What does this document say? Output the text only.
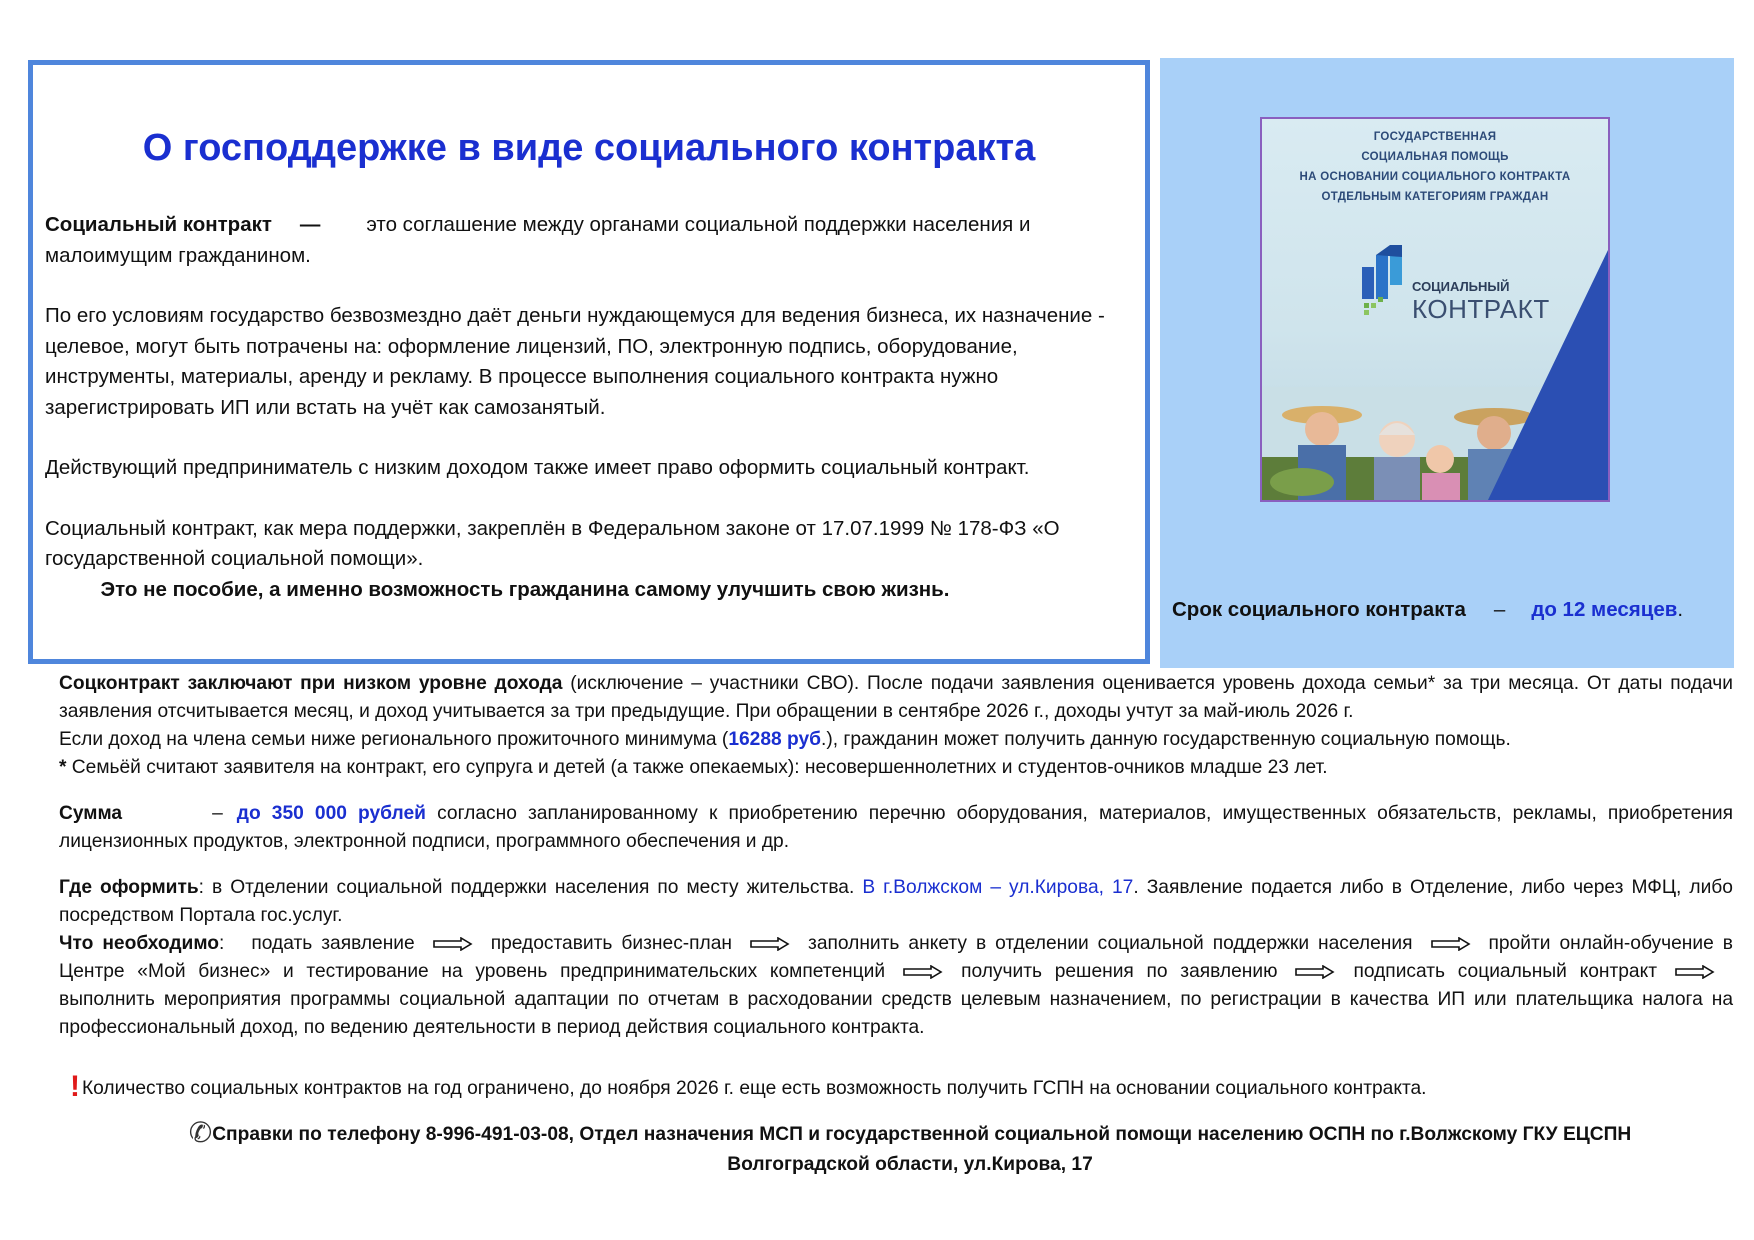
О господдержке в виде социального контракта

Социальный контракт — это соглашение между органами социальной поддержки населения и малоимущим гражданином.

По его условиям государство безвозмездно даёт деньги нуждающемуся для ведения бизнеса, их назначение - целевое, могут быть потрачены на: оформление лицензий, ПО, электронную подпись, оборудование, инструменты, материалы, аренду и рекламу. В процессе выполнения социального контракта нужно зарегистрировать ИП или встать на учёт как самозанятый.

Действующий предприниматель с низким доходом также имеет право оформить социальный контракт.

Социальный контракт, как мера поддержки, закреплён в Федеральном законе от 17.07.1999 № 178-ФЗ «О государственной социальной помощи».

Это не пособие, а именно возможность гражданина самому улучшить свою жизнь.

ГОСУДАРСТВЕННАЯ
СОЦИАЛЬНАЯ ПОМОЩЬ
НА ОСНОВАНИИ СОЦИАЛЬНОГО КОНТРАКТА
ОТДЕЛЬНЫМ КАТЕГОРИЯМ ГРАЖДАН
СОЦИАЛЬНЫЙ
КОНТРАКТ
Срок социального контракта – до 12 месяцев.

Соцконтракт заключают при низком уровне дохода (исключение – участники СВО). После подачи заявления оценивается уровень дохода семьи* за три месяца. От даты подачи заявления отсчитывается месяц, и доход учитывается за три предыдущие. При обращении в сентябре 2026 г., доходы учтут за май-июль 2026 г.

Если доход на члена семьи ниже регионального прожиточного минимума (16288 руб.), гражданин может получить данную государственную социальную помощь.

* Семьёй считают заявителя на контракт, его супруга и детей (а также опекаемых): несовершеннолетних и студентов-очников младше 23 лет.

Сумма	– до 350 000 рублей согласно запланированному к приобретению перечню оборудования, материалов, имущественных обязательств, рекламы, приобретения лицензионных продуктов, электронной подписи, программного обеспечения и др.

Где оформить: в Отделении социальной поддержки населения по месту жительства. В г.Волжском – ул.Кирова, 17. Заявление подается либо в Отделение, либо через МФЦ, либо посредством Портала гос.услуг.

Что необходимо: подать заявление	предоставить бизнес-план	заполнить анкету в отделении социальной поддержки населения	пройти онлайн-обучение в Центре «Мой бизнес» и тестирование на уровень предпринимательских компетенций	получить решения по заявлению	подписать социальный контракт
выполнить мероприятия программы социальной адаптации по отчетам в расходовании средств целевым назначением, по регистрации в качества ИП или плательщика налога на профессиональный доход, по ведению деятельности в период действия социального контракта.

! Количество социальных контрактов на год ограничено, до ноября 2026 г. еще есть возможность получить ГСПН на основании социального контракта.
✆Справки по телефону 8-996-491-03-08, Отдел назначения МСП и государственной социальной помощи населению ОСПН по г.Волжскому ГКУ ЕЦСПН
Волгоградской области, ул.Кирова, 17
